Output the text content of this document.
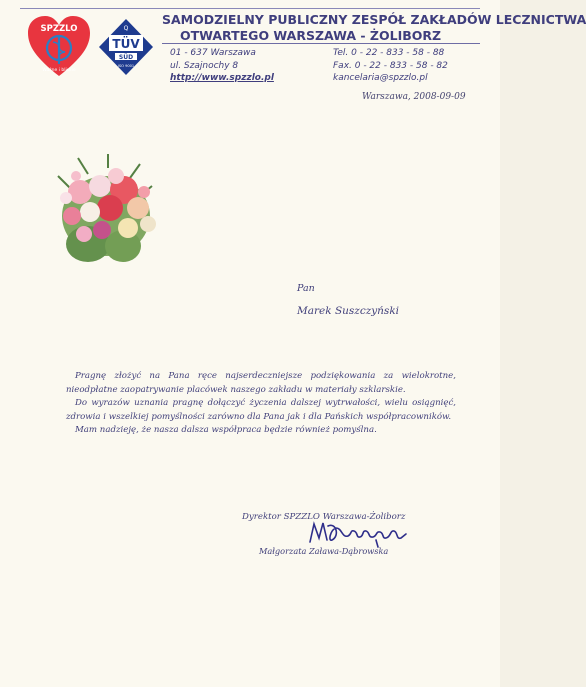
SPZZLO
Ważne i bliskie
TÜV
SÜD
ISO 9001
Q
SAMODZIELNY PUBLICZNY ZESPÓŁ ZAKŁADÓW LECZNICTWA
OTWARTEGO WARSZAWA - ŻOLIBORZ
01 - 637 Warszawa
ul. Szajnochy 8
http://www.spzzlo.pl
Tel. 0 - 22 - 833 - 58 - 88
Fax. 0 - 22 - 833 - 58 - 82
kancelaria@spzzlo.pl
Warszawa, 2008-09-09
Pan
Marek Suszczyński

Pragnę złożyć na Pana ręce najserdeczniejsze podziękowania za wielokrotne, nieodpłatne zaopatrywanie placówek naszego zakładu w materiały szklarskie.

Do wyrazów uznania pragnę dołączyć życzenia dalszej wytrwałości, wielu osiągnięć, zdrowia i wszelkiej pomyślności zarówno dla Pana jak i dla Pańskich współpracowników.

Mam nadzieję, że nasza dalsza współpraca będzie również pomyślna.

Dyrektor SPZZLO Warszawa-Żoliborz
Małgorzata Zaława-Dąbrowska
